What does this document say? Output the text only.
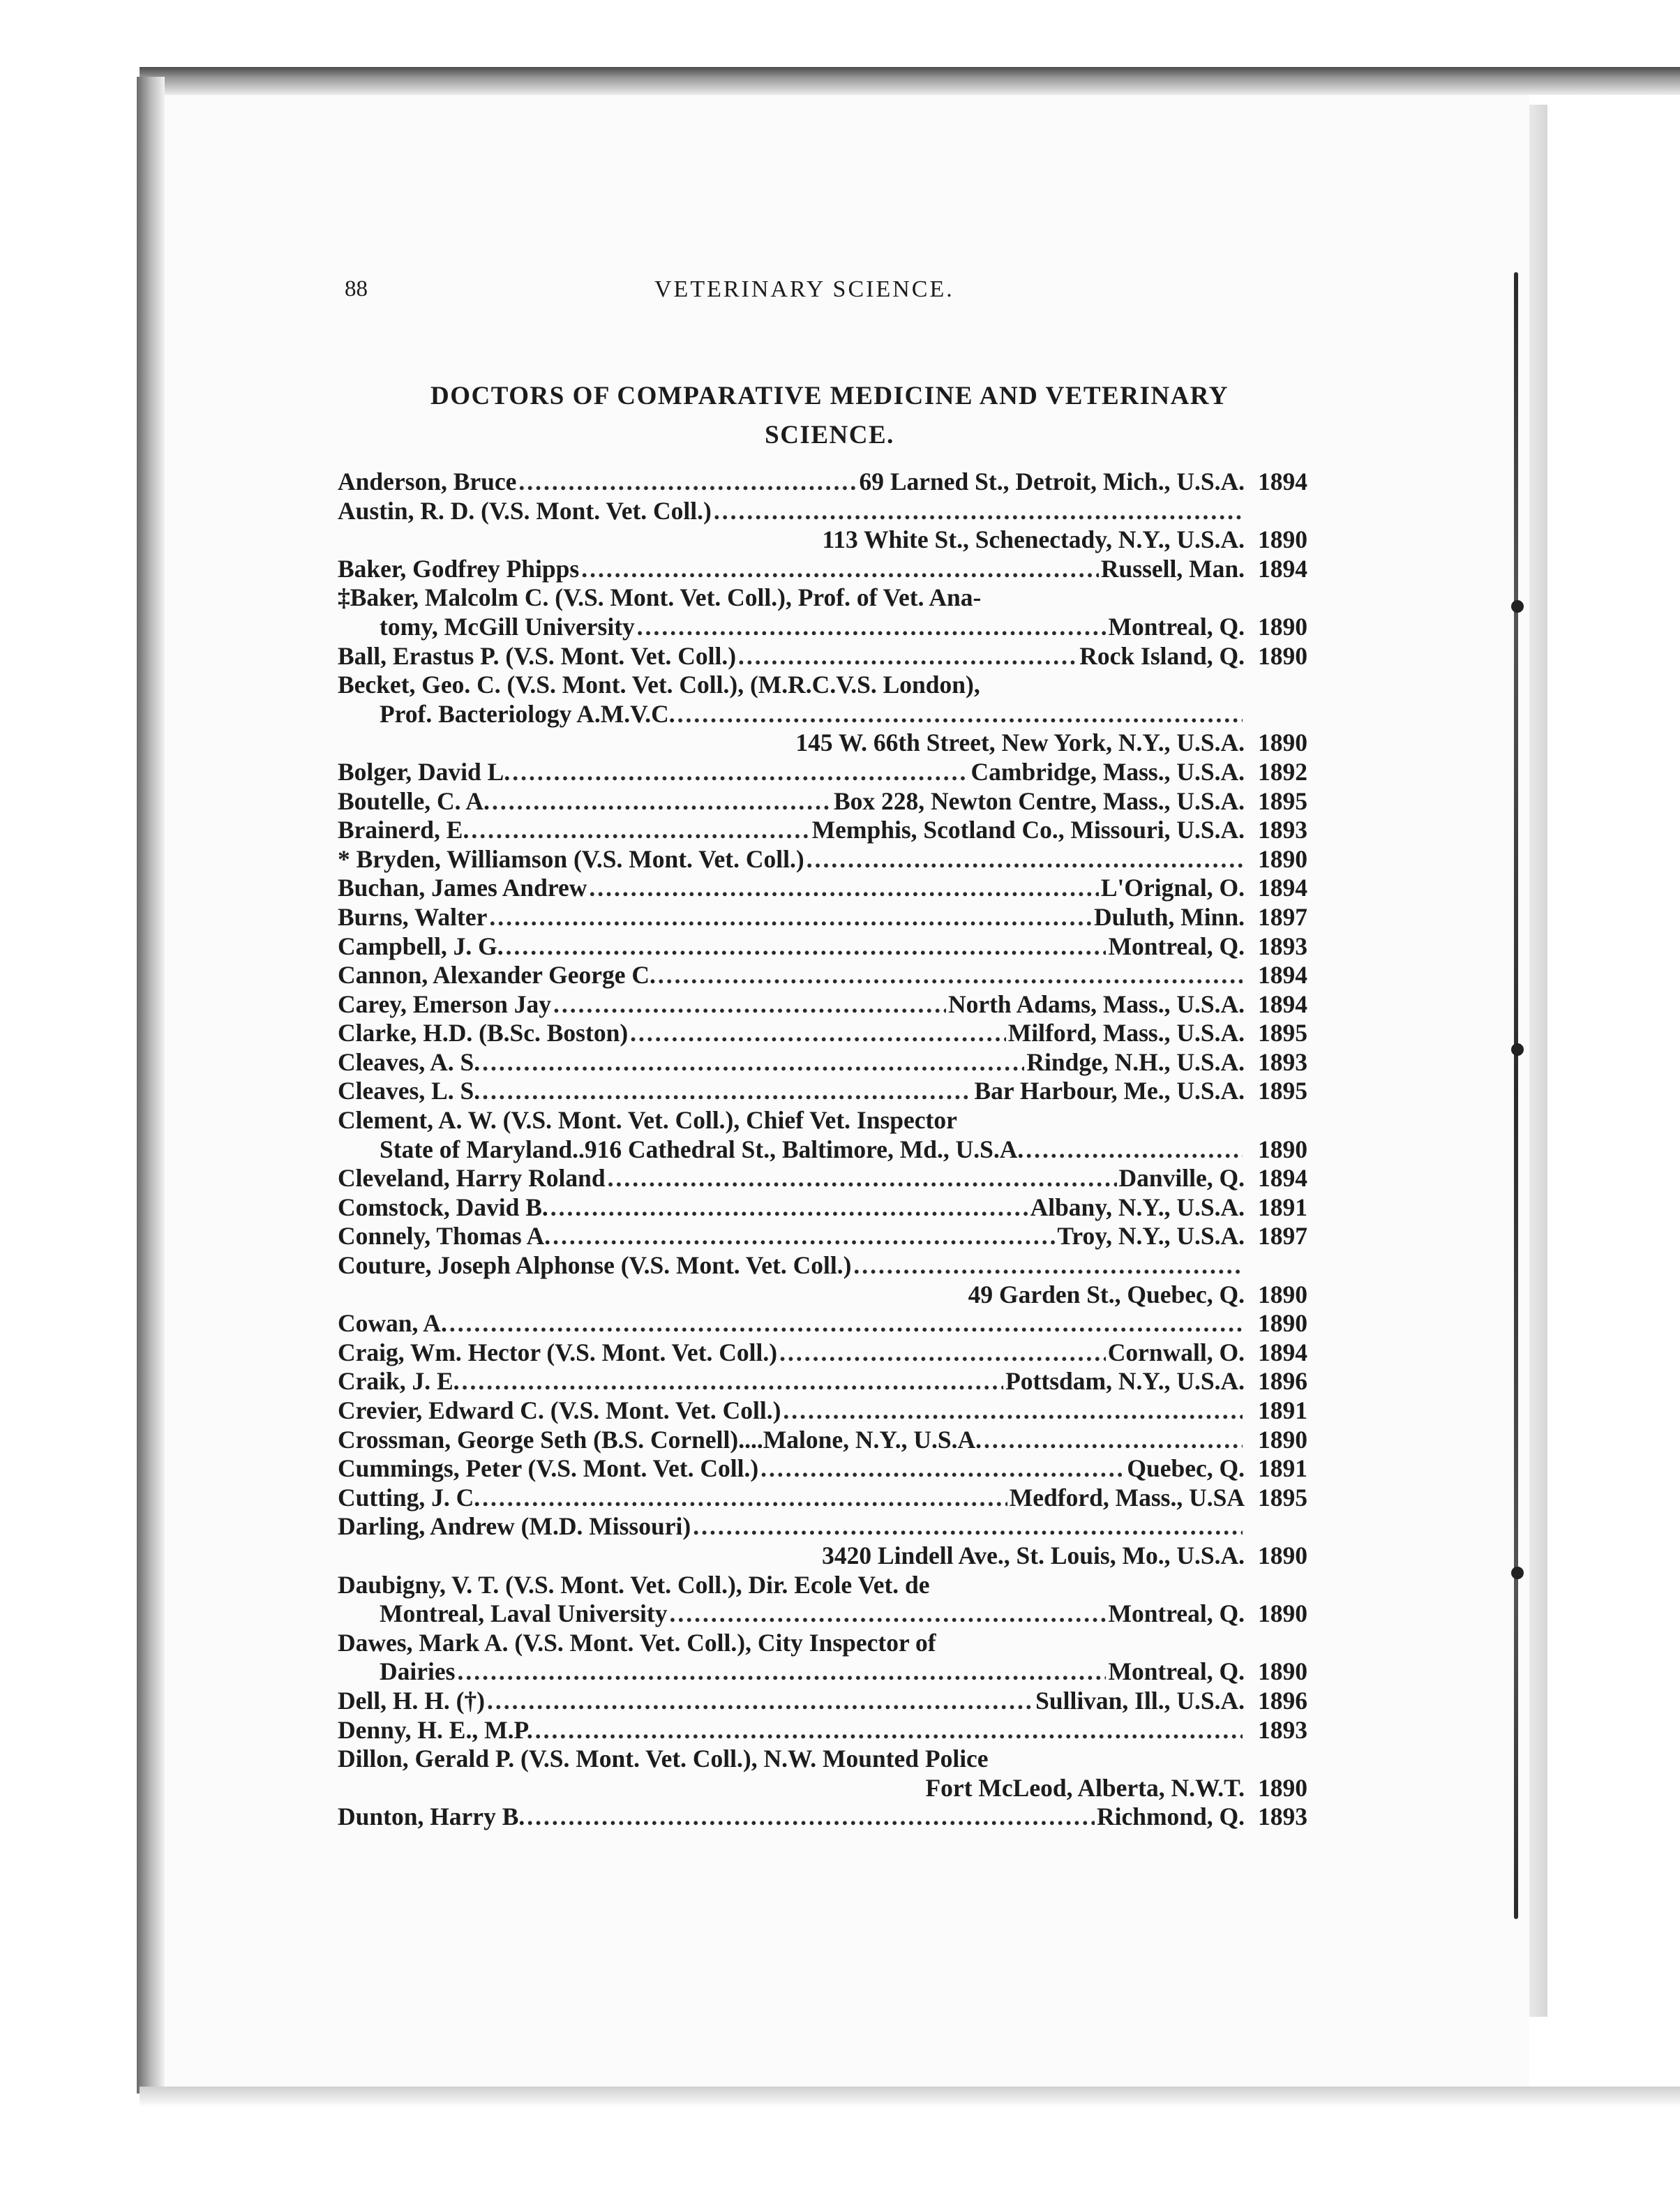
88	VETERINARY SCIENCE.
DOCTORS OF COMPARATIVE MEDICINE AND VETERINARY
SCIENCE.
Anderson, Bruce .....	69 Larned St., Detroit, Mich., U.S.A. 1894
Austin, R. D. (V.S. Mont. Vet. Coll.)
.....
113 White St., Schenectady, N.Y., U.S.A. 1890
Baker, Godfrey Phipps .....	Russell, Man. 1894
‡Baker, Malcolm C. (V.S. Mont. Vet. Coll.), Prof. of Vet. Ana-
tomy, McGill University .....	Montreal, Q. 1890
Ball, Erastus P. (V.S. Mont. Vet. Coll.) .....	Rock Island, Q. 1890
Becket, Geo. C. (V.S. Mont. Vet. Coll.), (M.R.C.V.S. London),
Prof. Bacteriology A.M.V.C.
.....
145 W. 66th Street, New York, N.Y., U.S.A. 1890
Bolger, David L. .....	Cambridge, Mass., U.S.A. 1892
Boutelle, C. A. .....	Box 228, Newton Centre, Mass., U.S.A. 1895
Brainerd, E. .....	Memphis, Scotland Co., Missouri, U.S.A. 1893
* Bryden, Williamson (V.S. Mont. Vet. Coll.) .....	1890
Buchan, James Andrew .....	L'Orignal, O. 1894
Burns, Walter .....	Duluth, Minn. 1897
Campbell, J. G. .....	Montreal, Q. 1893
Cannon, Alexander George C. .....	1894
Carey, Emerson Jay .....	North Adams, Mass., U.S.A. 1894
Clarke, H.D. (B.Sc. Boston) .....	Milford, Mass., U.S.A. 1895
Cleaves, A. S. .....	Rindge, N.H., U.S.A. 1893
Cleaves, L. S. .....	Bar Harbour, Me., U.S.A. 1895
Clement, A. W. (V.S. Mont. Vet. Coll.), Chief Vet. Inspector
State of Maryland..916 Cathedral St., Baltimore, Md., U.S.A. .....	1890
Cleveland, Harry Roland .....	Danville, Q. 1894
Comstock, David B. .....	Albany, N.Y., U.S.A. 1891
Connely, Thomas A. .....	Troy, N.Y., U.S.A. 1897
Couture, Joseph Alphonse (V.S. Mont. Vet. Coll.)
.....
49 Garden St., Quebec, Q. 1890
Cowan, A. .....	1890
Craig, Wm. Hector (V.S. Mont. Vet. Coll.) .....	Cornwall, O. 1894
Craik, J. E. .....	Pottsdam, N.Y., U.S.A. 1896
Crevier, Edward C. (V.S. Mont. Vet. Coll.) .....	1891
Crossman, George Seth (B.S. Cornell)....Malone, N.Y., U.S.A. .....	1890
Cummings, Peter (V.S. Mont. Vet. Coll.) .....	Quebec, Q. 1891
Cutting, J. C. .....	Medford, Mass., U.SA 1895
Darling, Andrew (M.D. Missouri)
.....
3420 Lindell Ave., St. Louis, Mo., U.S.A. 1890
Daubigny, V. T. (V.S. Mont. Vet. Coll.), Dir. Ecole Vet. de
Montreal, Laval University .....	Montreal, Q. 1890
Dawes, Mark A. (V.S. Mont. Vet. Coll.), City Inspector of
Dairies .....	Montreal, Q. 1890
Dell, H. H. (†) .....	Sullivan, Ill., U.S.A. 1896
Denny, H. E., M.P. .....	1893
Dillon, Gerald P. (V.S. Mont. Vet. Coll.), N.W. Mounted Police
Fort McLeod, Alberta, N.W.T. 1890
Dunton, Harry B. .....	Richmond, Q. 1893
